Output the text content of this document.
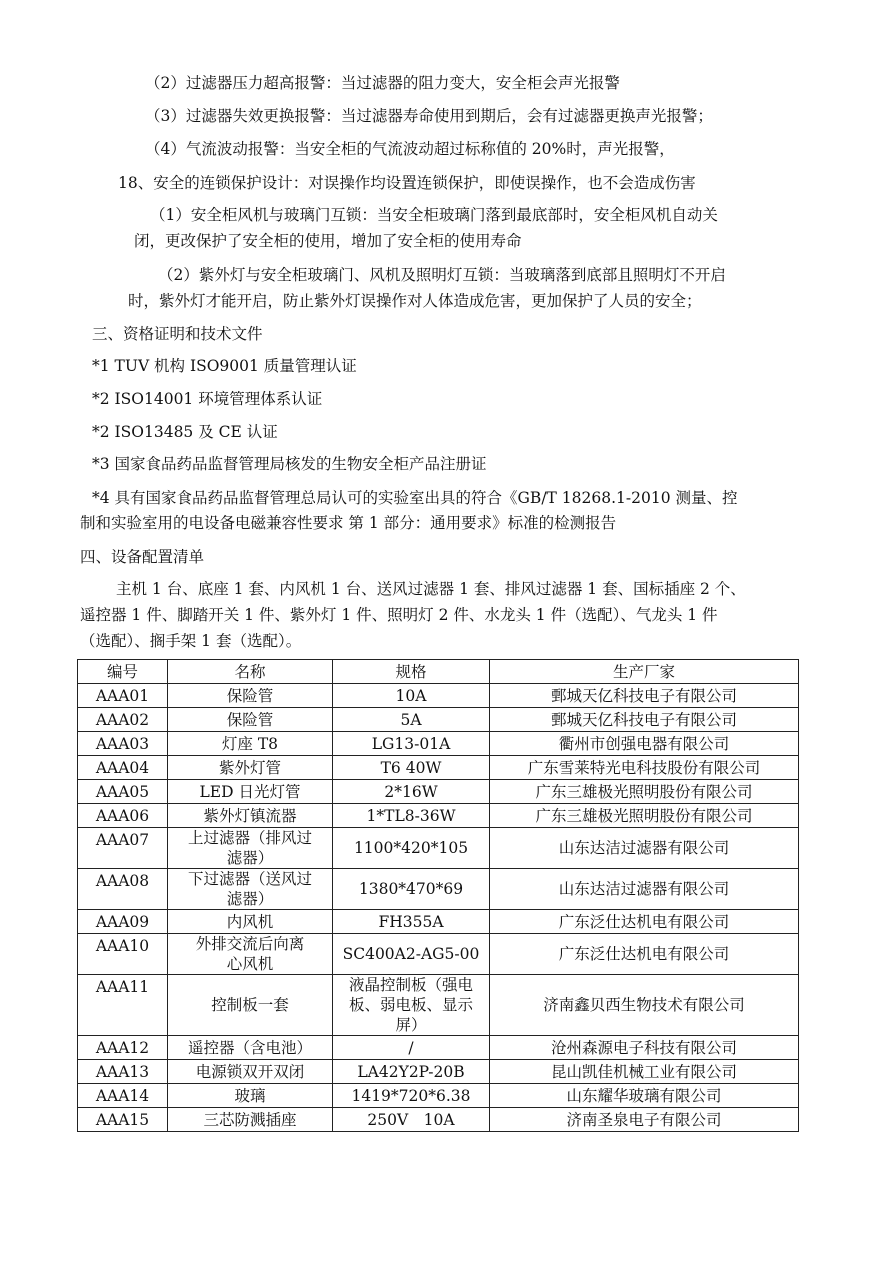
（2）过滤器压力超高报警：当过滤器的阻力变大，安全柜会声光报警
（3）过滤器失效更换报警：当过滤器寿命使用到期后，会有过滤器更换声光报警；
（4）气流波动报警：当安全柜的气流波动超过标称值的 20%时，声光报警，
18、安全的连锁保护设计：对误操作均设置连锁保护，即使误操作，也不会造成伤害
（1）安全柜风机与玻璃门互锁：当安全柜玻璃门落到最底部时，安全柜风机自动关
闭，更改保护了安全柜的使用，增加了安全柜的使用寿命
（2）紫外灯与安全柜玻璃门、风机及照明灯互锁：当玻璃落到底部且照明灯不开启
时，紫外灯才能开启，防止紫外灯误操作对人体造成危害，更加保护了人员的安全；
三、资格证明和技术文件
*1 TUV 机构 ISO9001 质量管理认证
*2 ISO14001 环境管理体系认证
*2 ISO13485 及 CE 认证
*3 国家食品药品监督管理局核发的生物安全柜产品注册证
*4 具有国家食品药品监督管理总局认可的实验室出具的符合《GB/T 18268.1-2010 测量、控
制和实验室用的电设备电磁兼容性要求 第 1 部分：通用要求》标准的检测报告
四、设备配置清单
主机 1 台、底座 1 套、内风机 1 台、送风过滤器 1 套、排风过滤器 1 套、国标插座 2 个、
遥控器 1 件、脚踏开关 1 件、紫外灯 1 件、照明灯 2 件、水龙头 1 件（选配）、气龙头 1 件
（选配）、搁手架 1 套（选配）。
编号	名称	规格	生产厂家
AAA01	保险管	10A	鄄城天亿科技电子有限公司
AAA02	保险管	5A	鄄城天亿科技电子有限公司
AAA03	灯座 T8	LG13-01A	衢州市创强电器有限公司
AAA04	紫外灯管	T6 40W	广东雪莱特光电科技股份有限公司
AAA05	LED 日光灯管	2*16W	广东三雄极光照明股份有限公司
AAA06	紫外灯镇流器	1*TL8-36W	广东三雄极光照明股份有限公司
AAA07	上过滤器（排风过
滤器）	1100*420*105	山东达洁过滤器有限公司
AAA08	下过滤器（送风过
滤器）	1380*470*69	山东达洁过滤器有限公司
AAA09	内风机	FH355A	广东泛仕达机电有限公司
AAA10	外排交流后向离
心风机	SC400A2-AG5-00	广东泛仕达机电有限公司
AAA11	控制板一套	液晶控制板（强电
板、弱电板、显示
屏）	济南鑫贝西生物技术有限公司
AAA12	遥控器（含电池）	/	沧州森源电子科技有限公司
AAA13	电源锁双开双闭	LA42Y2P-20B	昆山凯佳机械工业有限公司
AAA14	玻璃	1419*720*6.38	山东耀华玻璃有限公司
AAA15	三芯防溅插座	250V　10A	济南圣泉电子有限公司
